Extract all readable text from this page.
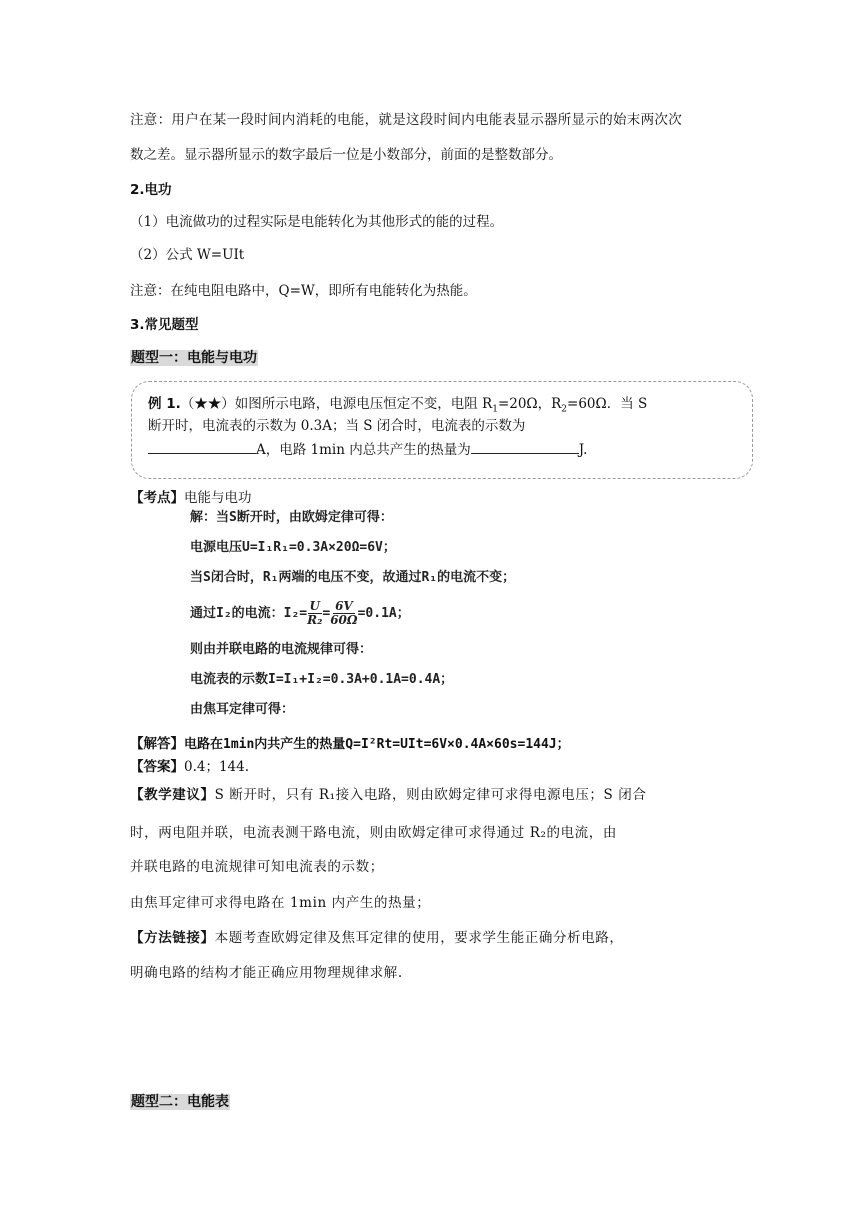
注意：用户在某一段时间内消耗的电能，就是这段时间内电能表显示器所显示的始末两次次
数之差。显示器所显示的数字最后一位是小数部分，前面的是整数部分。
2.电功
（1）电流做功的过程实际是电能转化为其他形式的能的过程。
（2）公式 W=UIt
注意：在纯电阻电路中，Q=W，即所有电能转化为热能。
3.常见题型
题型一：电能与电功
例 1.（★★）如图所示电路，电源电压恒定不变，电阻 $R_1=20\Omega$，$R_2=60\Omega$．当 S
断开时，电流表的示数为 0.3A；当 S 闭合时，电流表的示数为
A，电路 1min 内总共产生的热量为	J.
【考点】电能与电功
解：当S断开时，由欧姆定律可得：
电源电压U=I₁R₁=0.3A×20Ω=6V；
当S闭合时，R₁两端的电压不变，故通过R₁的电流不变；
通过I₂的电流：$I_2= \frac{U}{\text{R₂}} = \frac{6V}{60\Omega} =0.1A$；
则由并联电路的电流规律可得：
电流表的示数I=I₁+I₂=0.3A+0.1A=0.4A；
由焦耳定律可得：
【解答】电路在1min内共产生的热量Q=I²Rt=UIt=6V×0.4A×60s=144J；
【答案】0.4；144.
【教学建议】S 断开时，只有 R₁接入电路，则由欧姆定律可求得电源电压；S 闭合
时，两电阻并联，电流表测干路电流，则由欧姆定律可求得通过 R₂的电流，由
并联电路的电流规律可知电流表的示数；
由焦耳定律可求得电路在 1min 内产生的热量；
【方法链接】本题考查欧姆定律及焦耳定律的使用，要求学生能正确分析电路，
明确电路的结构才能正确应用物理规律求解.
题型二：电能表
